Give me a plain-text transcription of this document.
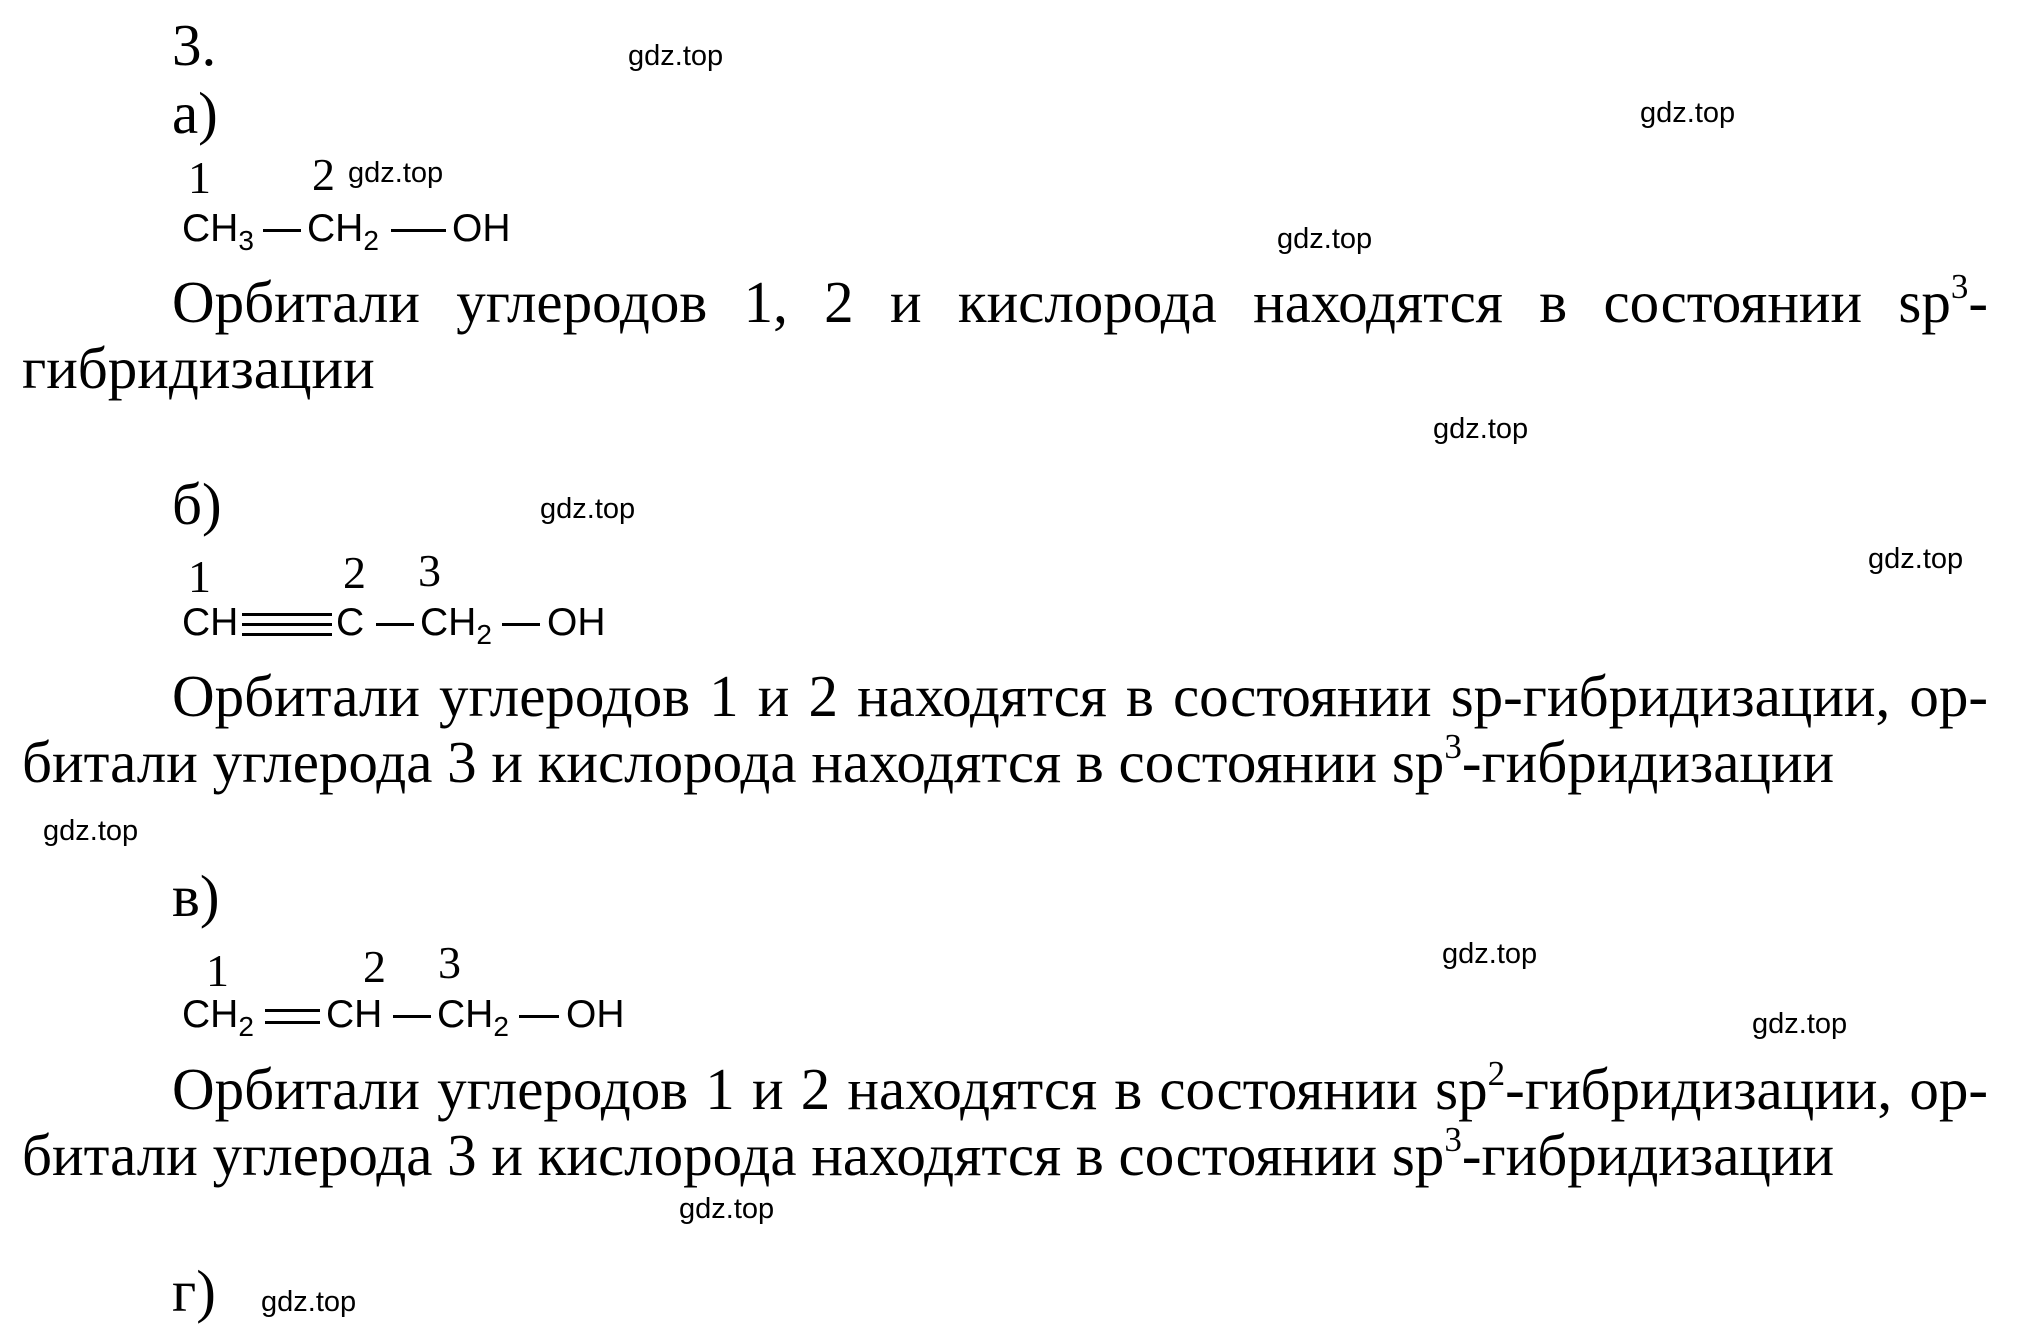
3.	gdz.top
gdz.top
gdz.top
gdz.top
gdz.top
gdz.top
gdz.top
gdz.top
gdz.top
gdz.top
gdz.top
gdz.top
а)
1 2
$CH_3$ $CH_2$ OH
Орбитали углеродов 1, 2 и кислорода находятся в состоянии $sp^3-$
гибридизации
б)
1	2 3
CH	C $CH_2$ OH
Орбитали углеродов 1 и 2 находятся в состоянии sp-гибридизации, ор-
битали углерода 3 и кислорода находятся в состоянии $sp^3$-гибридизации
в)
1	2 3
$CH_2$ CH $CH_2$ OH
Орбитали углеродов 1 и 2 находятся в состоянии $sp^2$-гибридизации, ор-
битали углерода 3 и кислорода находятся в состоянии $sp^3$-гибридизации
г)
